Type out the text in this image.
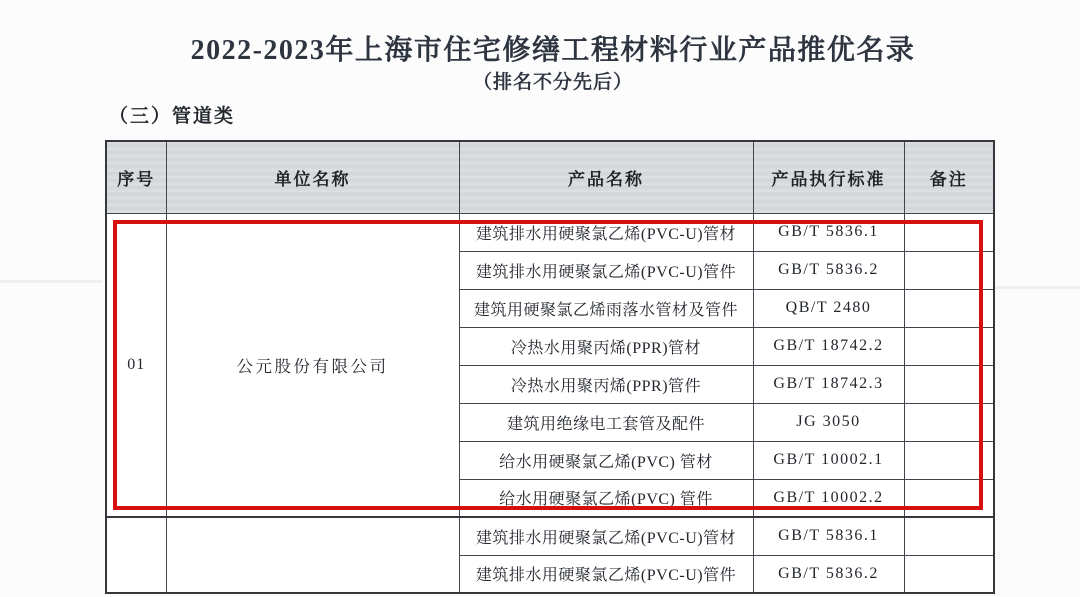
2022-2023年上海市住宅修缮工程材料行业产品推优名录
（排名不分先后）
（三）管道类
序号	单位名称	产品名称	产品执行标准	备注
01	公元股份有限公司	建筑排水用硬聚氯乙烯(PVC-U)管材	GB/T 5836.1	
		建筑排水用硬聚氯乙烯(PVC-U)管件	GB/T 5836.2	
		建筑用硬聚氯乙烯雨落水管材及管件	QB/T 2480	
		冷热水用聚丙烯(PPR)管材	GB/T 18742.2	
		冷热水用聚丙烯(PPR)管件	GB/T 18742.3	
		建筑用绝缘电工套管及配件	JG 3050	
		给水用硬聚氯乙烯(PVC) 管材	GB/T 10002.1	
		给水用硬聚氯乙烯(PVC) 管件	GB/T 10002.2	
		建筑排水用硬聚氯乙烯(PVC-U)管材	GB/T 5836.1	
		建筑排水用硬聚氯乙烯(PVC-U)管件	GB/T 5836.2	
